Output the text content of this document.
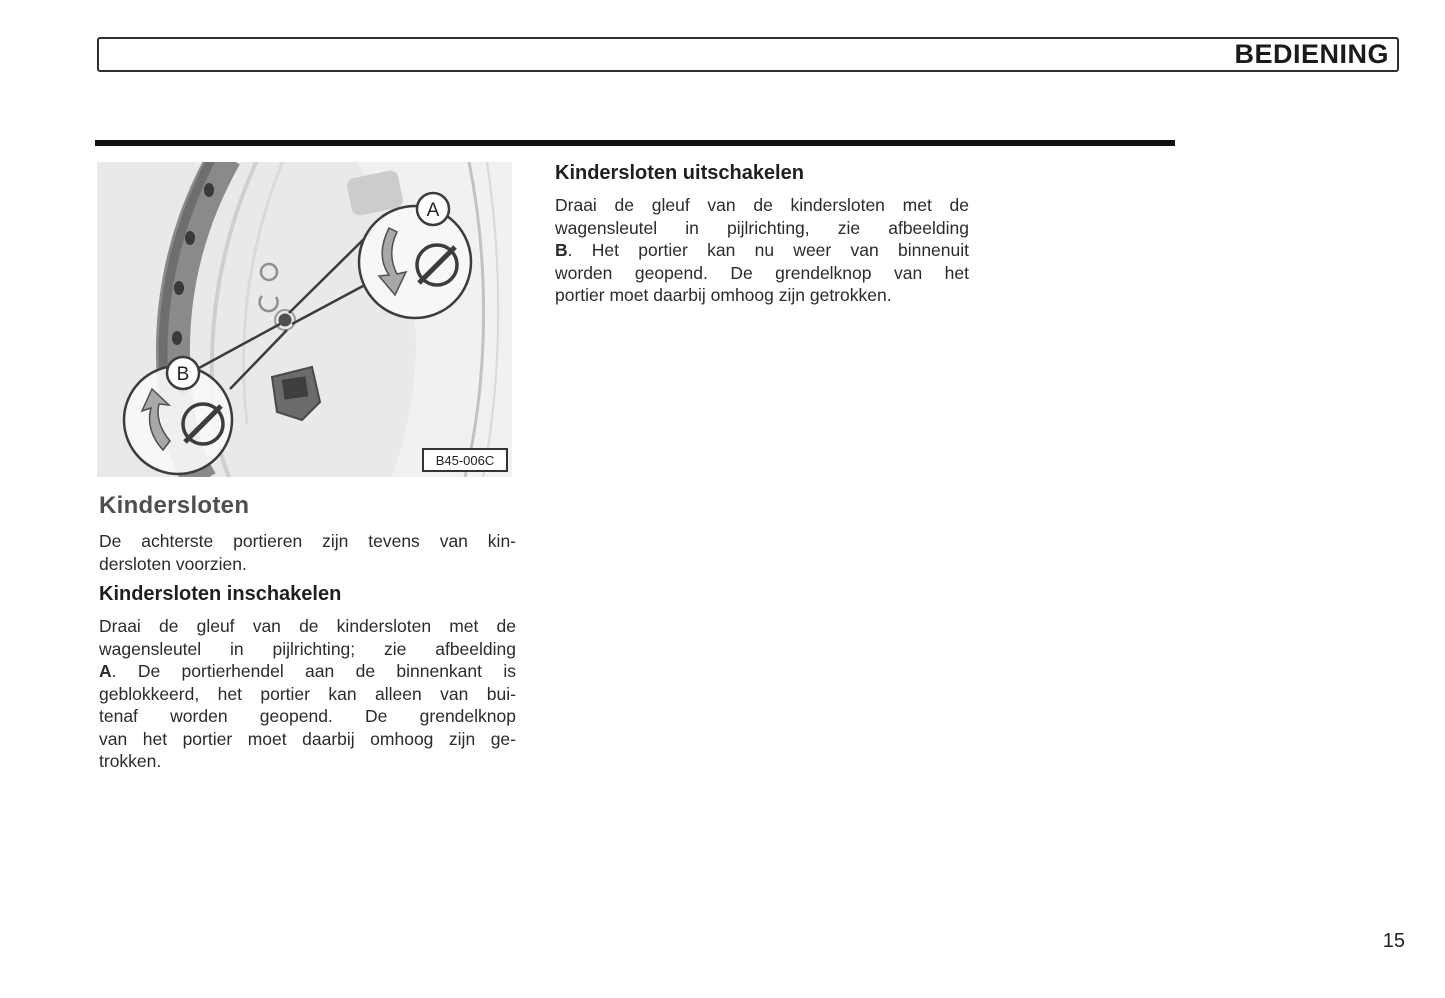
BEDIENING
A
B
B45-006C
Kindersloten
De achterste portieren zijn tevens van kin-
dersloten voorzien.
Kindersloten inschakelen
Draai de gleuf van de kindersloten met de
wagensleutel in pijlrichting; zie afbeelding
A. De portierhendel aan de binnenkant is
geblokkeerd, het portier kan alleen van bui-
tenaf worden geopend. De grendelknop
van het portier moet daarbij omhoog zijn ge-
trokken.
Kindersloten uitschakelen
Draai de gleuf van de kindersloten met de
wagensleutel in pijlrichting, zie afbeelding
B. Het portier kan nu weer van binnenuit
worden geopend. De grendelknop van het
portier moet daarbij omhoog zijn getrokken.
15
